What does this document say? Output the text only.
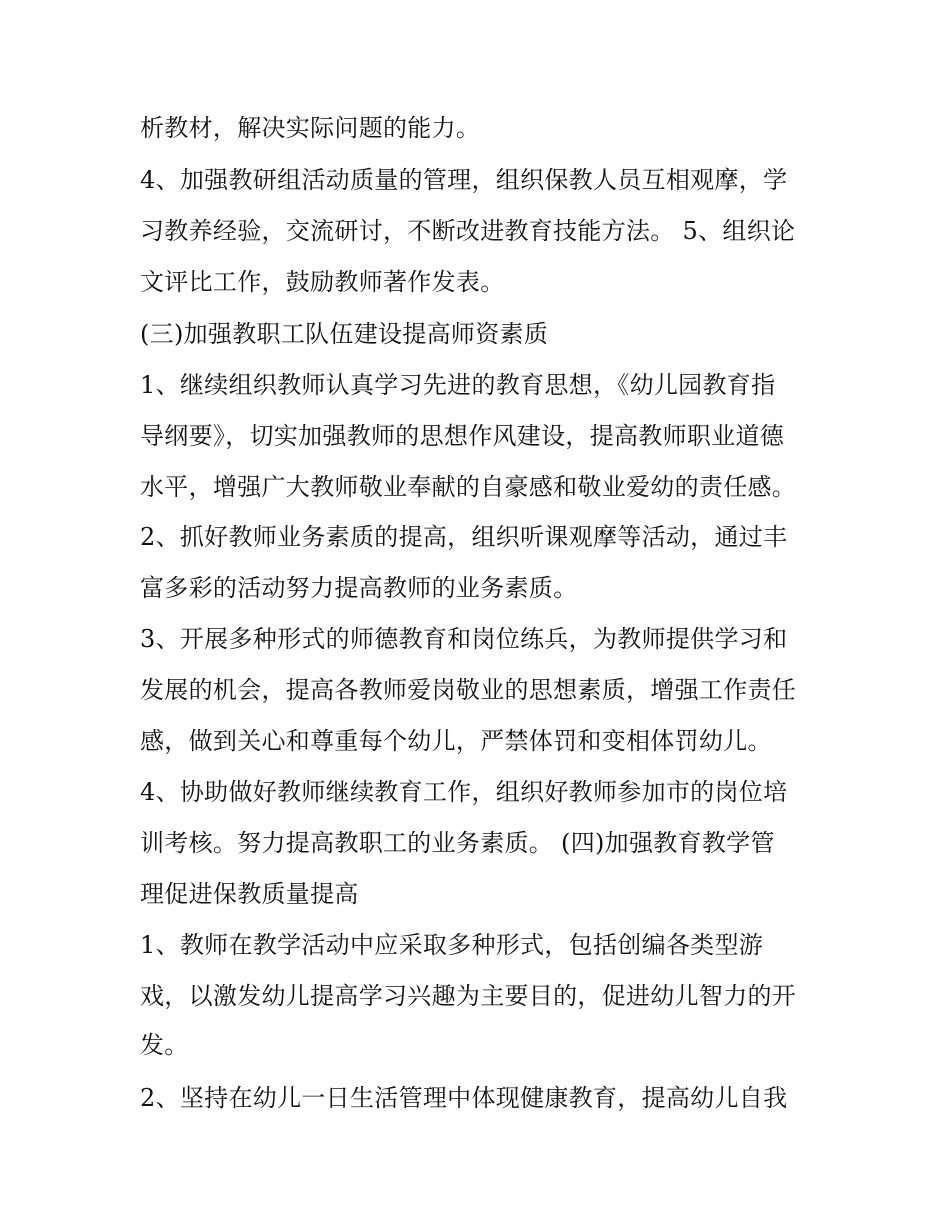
析教材，解决实际问题的能力。
4、加强教研组活动质量的管理，组织保教人员互相观摩，学
习教养经验，交流研讨，不断改进教育技能方法。 5、组织论
文评比工作，鼓励教师著作发表。
(三)加强教职工队伍建设提高师资素质
1、继续组织教师认真学习先进的教育思想，《幼儿园教育指
导纲要》，切实加强教师的思想作风建设，提高教师职业道德
水平，增强广大教师敬业奉献的自豪感和敬业爱幼的责任感。
2、抓好教师业务素质的提高，组织听课观摩等活动，通过丰
富多彩的活动努力提高教师的业务素质。
3、开展多种形式的师德教育和岗位练兵，为教师提供学习和
发展的机会，提高各教师爱岗敬业的思想素质，增强工作责任
感，做到关心和尊重每个幼儿，严禁体罚和变相体罚幼儿。
4、协助做好教师继续教育工作，组织好教师参加市的岗位培
训考核。努力提高教职工的业务素质。 (四)加强教育教学管
理促进保教质量提高
1、教师在教学活动中应采取多种形式，包括创编各类型游
戏，以激发幼儿提高学习兴趣为主要目的，促进幼儿智力的开
发。
2、坚持在幼儿一日生活管理中体现健康教育，提高幼儿自我
